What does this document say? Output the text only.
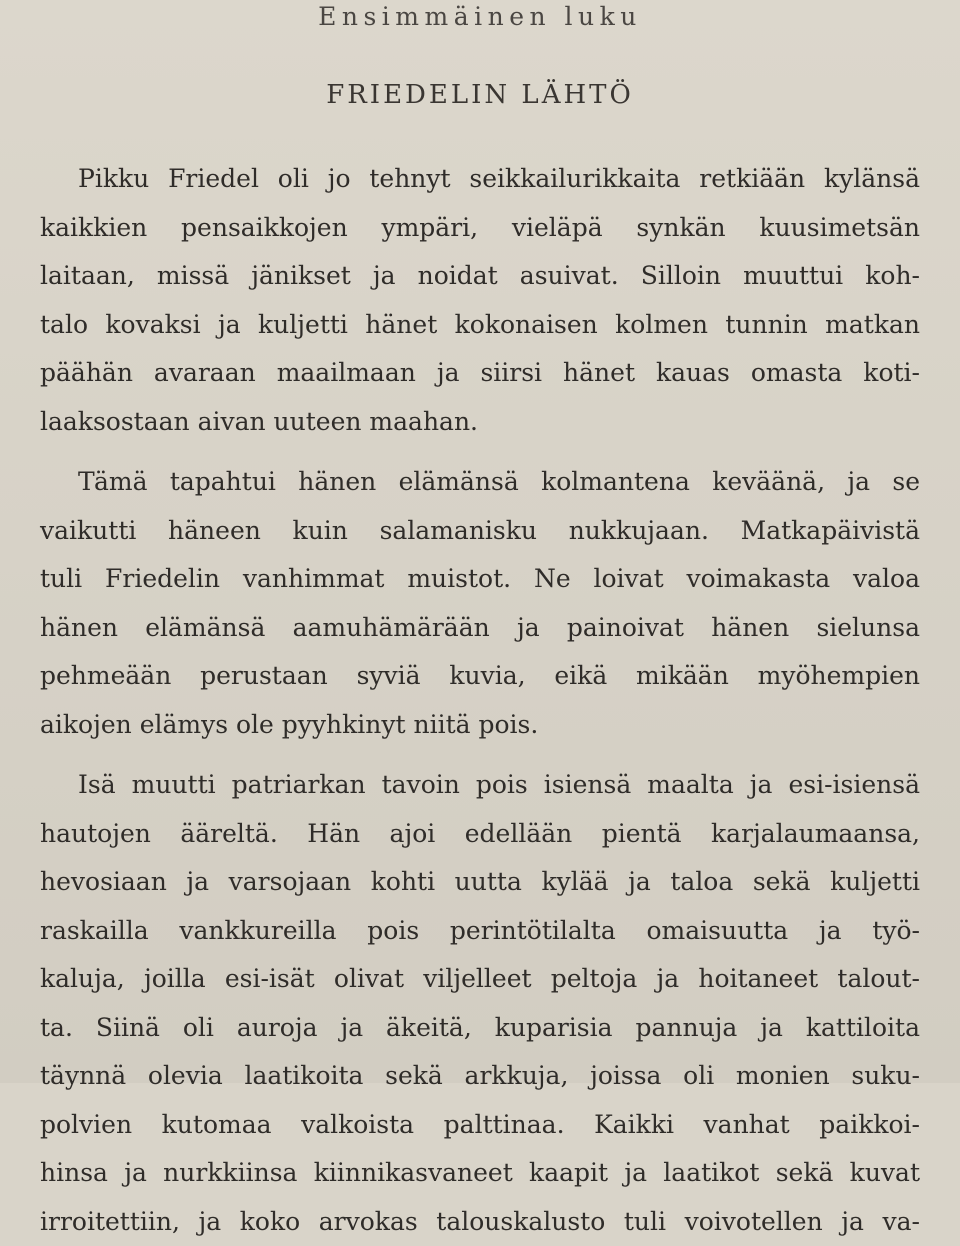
Ensimmäinen luku
FRIEDELIN LÄHTÖ
Pikku Friedel oli jo tehnyt seikkailurikkaita retkiään kylänsä
kaikkien pensaikkojen ympäri, vieläpä synkän kuusimetsän
laitaan, missä jänikset ja noidat asuivat. Silloin muuttui koh-
talo kovaksi ja kuljetti hänet kokonaisen kolmen tunnin matkan
päähän avaraan maailmaan ja siirsi hänet kauas omasta koti-
laaksostaan aivan uuteen maahan.
Tämä tapahtui hänen elämänsä kolmantena keväänä, ja se
vaikutti häneen kuin salamanisku nukkujaan. Matkapäivistä
tuli Friedelin vanhimmat muistot. Ne loivat voimakasta valoa
hänen elämänsä aamuhämärään ja painoivat hänen sielunsa
pehmeään perustaan syviä kuvia, eikä mikään myöhempien
aikojen elämys ole pyyhkinyt niitä pois.
Isä muutti patriarkan tavoin pois isiensä maalta ja esi-isiensä
hautojen ääreltä. Hän ajoi edellään pientä karjalaumaansa,
hevosiaan ja varsojaan kohti uutta kylää ja taloa sekä kuljetti
raskailla vankkureilla pois perintötilalta omaisuutta ja työ-
kaluja, joilla esi-isät olivat viljelleet peltoja ja hoitaneet talout-
ta. Siinä oli auroja ja äkeitä, kuparisia pannuja ja kattiloita
täynnä olevia laatikoita sekä arkkuja, joissa oli monien suku-
polvien kutomaa valkoista palttinaa. Kaikki vanhat paikkoi-
hinsa ja nurkkiinsa kiinnikasvaneet kaapit ja laatikot sekä kuvat
irroitettiin, ja koko arvokas talouskalusto tuli voivotellen ja va-
